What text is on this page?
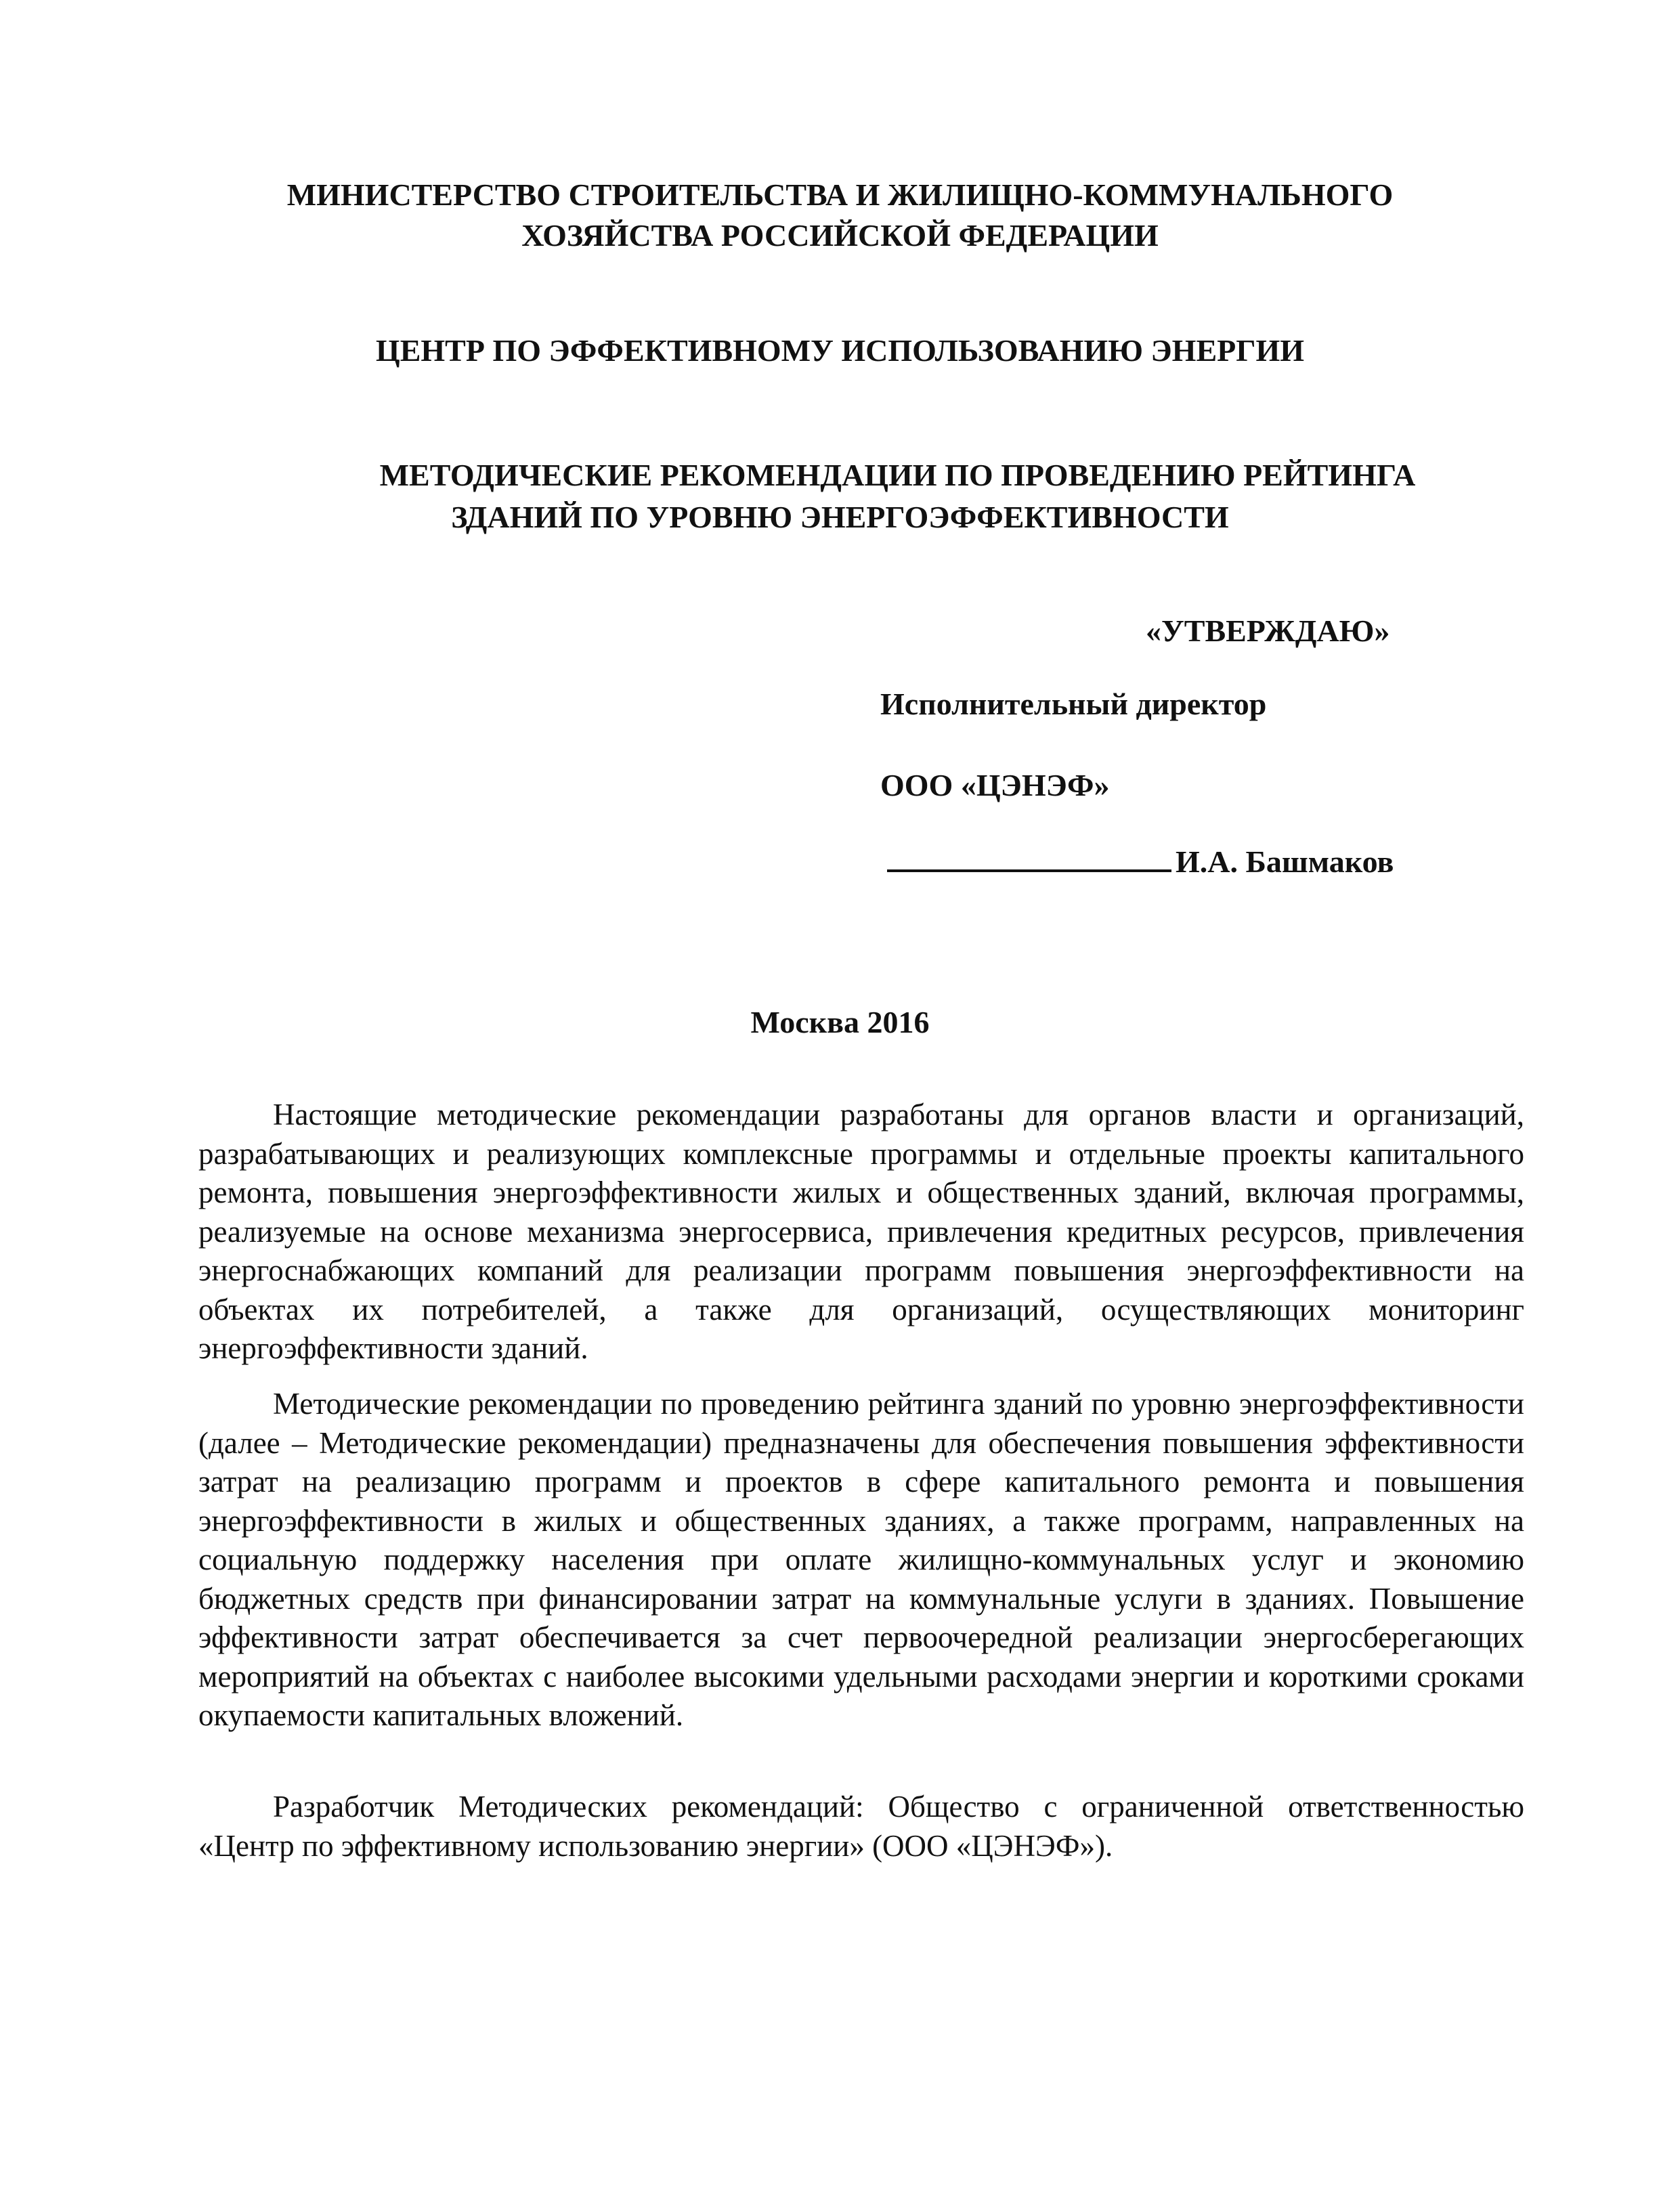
МИНИСТЕРСТВО СТРОИТЕЛЬСТВА И ЖИЛИЩНО-КОММУНАЛЬНОГО
ХОЗЯЙСТВА РОССИЙСКОЙ ФЕДЕРАЦИИ
ЦЕНТР ПО ЭФФЕКТИВНОМУ ИСПОЛЬЗОВАНИЮ ЭНЕРГИИ
МЕТОДИЧЕСКИЕ РЕКОМЕНДАЦИИ ПО ПРОВЕДЕНИЮ РЕЙТИНГА
ЗДАНИЙ ПО УРОВНЮ ЭНЕРГОЭФФЕКТИВНОСТИ
«УТВЕРЖДАЮ»
Исполнительный директор
ООО «ЦЭНЭФ»
И.А. Башмаков
Москва 2016

Настоящие методические рекомендации разработаны для органов власти и организаций, разрабатывающих и реализующих комплексные программы и отдельные проекты капитального ремонта, повышения энергоэффективности жилых и общественных зданий, включая программы, реализуемые на основе механизма энергосервиса, привлечения кредитных ресурсов, привлечения энергоснабжающих компаний для реализации программ повышения энергоэффективности на объектах их потребителей, а также для организаций, осуществляющих мониторинг энергоэффективности зданий.

Методические рекомендации по проведению рейтинга зданий по уровню энергоэффективности (далее – Методические рекомендации) предназначены для обеспечения повышения эффективности затрат на реализацию программ и проектов в сфере капитального ремонта и повышения энергоэффективности в жилых и общественных зданиях, а также программ, направленных на социальную поддержку населения при оплате жилищно-коммунальных услуг и экономию бюджетных средств при финансировании затрат на коммунальные услуги в зданиях. Повышение эффективности затрат обеспечивается за счет первоочередной реализации энергосберегающих мероприятий на объектах с наиболее высокими удельными расходами энергии и короткими сроками окупаемости капитальных вложений.

Разработчик Методических рекомендаций: Общество с ограниченной ответственностью «Центр по эффективному использованию энергии» (ООО «ЦЭНЭФ»).
